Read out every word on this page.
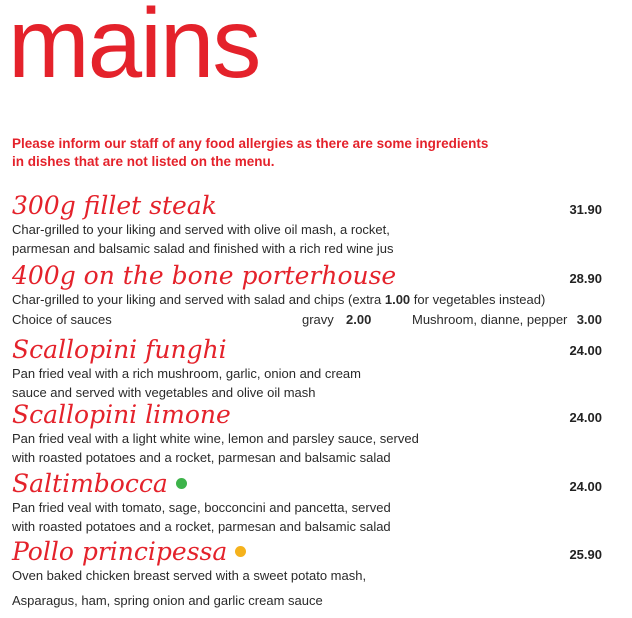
mains
Please inform our staff of any food allergies as there are some ingredients
in dishes that are not listed on the menu.
300g fillet steak	31.90
Char-grilled to your liking and served with olive oil mash, a rocket,
parmesan and balsamic salad and finished with a rich red wine jus
400g on the bone porterhouse	28.90
Char-grilled to your liking and served with salad and chips (extra 1.00 for vegetables instead)
Choice of sauces	gravy 2.00	Mushroom, dianne, pepper 3.00
Scallopini funghi	24.00
Pan fried veal with a rich mushroom, garlic, onion and cream
sauce and served with vegetables and olive oil mash
Scallopini limone	24.00
Pan fried veal with a light white wine, lemon and parsley sauce, served
with roasted potatoes and a rocket, parmesan and balsamic salad
Saltimbocca	24.00
Pan fried veal with tomato, sage, bocconcini and pancetta, served
with roasted potatoes and a rocket, parmesan and balsamic salad
Pollo principessa	25.90
Oven baked chicken breast served with a sweet potato mash,
Asparagus, ham, spring onion and garlic cream sauce
